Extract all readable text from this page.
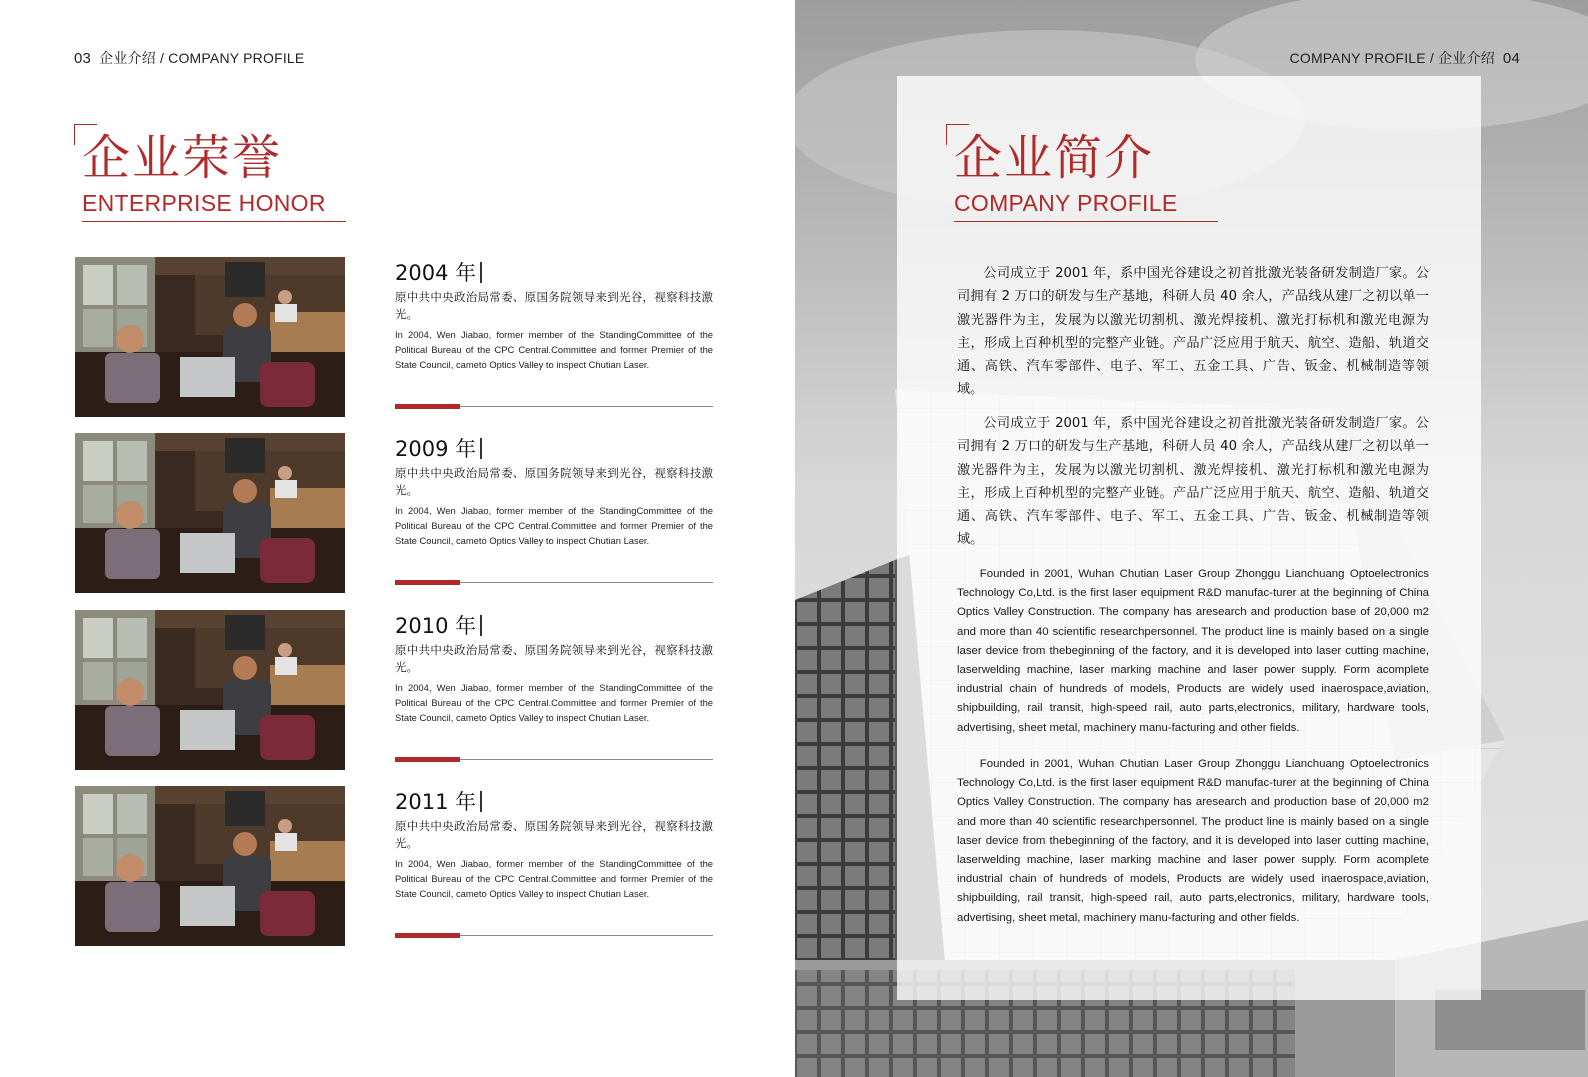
03 企业介绍 / COMPANY PROFILE
企业荣誉
ENTERPRISE HONOR
2004 年
原中共中央政治局常委、原国务院领导来到光谷，视察科技激光。
In 2004, Wen Jiabao, former member of the StandingCommittee of the Political Bureau of the CPC Central.Committee and former Premier of the State Council, cameto Optics Valley to inspect Chutian Laser.
2009 年
原中共中央政治局常委、原国务院领导来到光谷，视察科技激光。
In 2004, Wen Jiabao, former member of the StandingCommittee of the Political Bureau of the CPC Central.Committee and former Premier of the State Council, cameto Optics Valley to inspect Chutian Laser.
2010 年
原中共中央政治局常委、原国务院领导来到光谷，视察科技激光。
In 2004, Wen Jiabao, former member of the StandingCommittee of the Political Bureau of the CPC Central.Committee and former Premier of the State Council, cameto Optics Valley to inspect Chutian Laser.
2011 年
原中共中央政治局常委、原国务院领导来到光谷，视察科技激光。
In 2004, Wen Jiabao, former member of the StandingCommittee of the Political Bureau of the CPC Central.Committee and former Premier of the State Council, cameto Optics Valley to inspect Chutian Laser.
COMPANY PROFILE / 企业介绍 04
企业简介
COMPANY PROFILE

公司成立于 2001 年，系中国光谷建设之初首批激光装备研发制造厂家。公司拥有 2 万口的研发与生产基地，科研人员 40 余人，产品线从建厂之初以单一激光器件为主，发展为以激光切割机、激光焊接机、激光打标机和激光电源为主，形成上百种机型的完整产业链。产品广泛应用于航天、航空、造船、轨道交通、高铁、汽车零部件、电子、军工、五金工具、广告、钣金、机械制造等领域。

公司成立于 2001 年，系中国光谷建设之初首批激光装备研发制造厂家。公司拥有 2 万口的研发与生产基地，科研人员 40 余人，产品线从建厂之初以单一激光器件为主，发展为以激光切割机、激光焊接机、激光打标机和激光电源为主，形成上百种机型的完整产业链。产品广泛应用于航天、航空、造船、轨道交通、高铁、汽车零部件、电子、军工、五金工具、广告、钣金、机械制造等领域。

Founded in 2001, Wuhan Chutian Laser Group Zhonggu Lianchuang Optoelectronics Technology Co,Ltd. is the first laser equipment R&D manufac-turer at the beginning of China Optics Valley Construction. The company has aresearch and production base of 20,000 m2 and more than 40 scientific researchpersonnel. The product line is mainly based on a single laser device from thebeginning of the factory, and it is developed into laser cutting machine, laserwelding machine, laser marking machine and laser power supply. Form acomplete industrial chain of hundreds of models, Products are widely used inaerospace,aviation, shipbuilding, rail transit, high-speed rail, auto parts,electronics, military, hardware tools, advertising, sheet metal, machinery manu-facturing and other fields.

Founded in 2001, Wuhan Chutian Laser Group Zhonggu Lianchuang Optoelectronics Technology Co,Ltd. is the first laser equipment R&D manufac-turer at the beginning of China Optics Valley Construction. The company has aresearch and production base of 20,000 m2 and more than 40 scientific researchpersonnel. The product line is mainly based on a single laser device from thebeginning of the factory, and it is developed into laser cutting machine, laserwelding machine, laser marking machine and laser power supply. Form acomplete industrial chain of hundreds of models, Products are widely used inaerospace,aviation, shipbuilding, rail transit, high-speed rail, auto parts,electronics, military, hardware tools, advertising, sheet metal, machinery manu-facturing and other fields.
